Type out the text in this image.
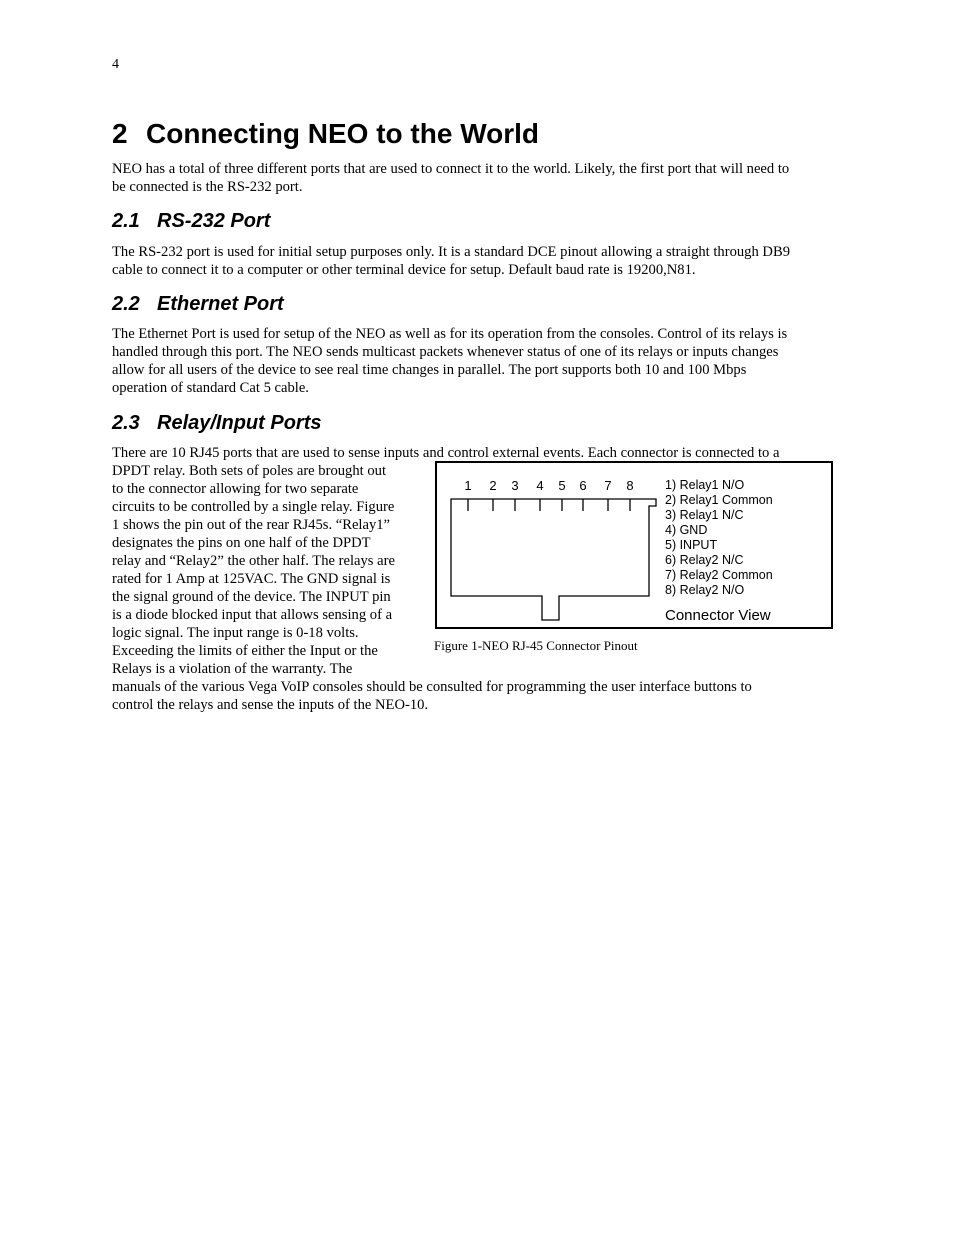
4
2 Connecting NEO to the World
NEO has a total of three different ports that are used to connect it to the world. Likely, the first port that will need to
be connected is the RS-232 port.
2.1 RS-232 Port
The RS-232 port is used for initial setup purposes only. It is a standard DCE pinout allowing a straight through DB9
cable to connect it to a computer or other terminal device for setup. Default baud rate is 19200,N81.
2.2 Ethernet Port
The Ethernet Port is used for setup of the NEO as well as for its operation from the consoles. Control of its relays is
handled through this port. The NEO sends multicast packets whenever status of one of its relays or inputs changes
allow for all users of the device to see real time changes in parallel. The port supports both 10 and 100 Mbps
operation of standard Cat 5 cable.
2.3 Relay/Input Ports
There are 10 RJ45 ports that are used to sense inputs and control external events. Each connector is connected to a
DPDT relay. Both sets of poles are brought out
to the connector allowing for two separate
circuits to be controlled by a single relay. Figure
1 shows the pin out of the rear RJ45s. “Relay1”
designates the pins on one half of the DPDT
relay and “Relay2” the other half. The relays are
rated for 1 Amp at 125VAC. The GND signal is
the signal ground of the device. The INPUT pin
is a diode blocked input that allows sensing of a
logic signal. The input range is 0-18 volts.
Exceeding the limits of either the Input or the
Relays is a violation of the warranty. The
manuals of the various Vega VoIP consoles should be consulted for programming the user interface buttons to
control the relays and sense the inputs of the NEO-10.
1 2 3 4 5 6 7 8	1) Relay1 N/O
2) Relay1 Common
3) Relay1 N/C
4) GND
5) INPUT
6) Relay2 N/C
7) Relay2 Common
8) Relay2 N/O
Connector View
Figure 1-NEO RJ-45 Connector Pinout
